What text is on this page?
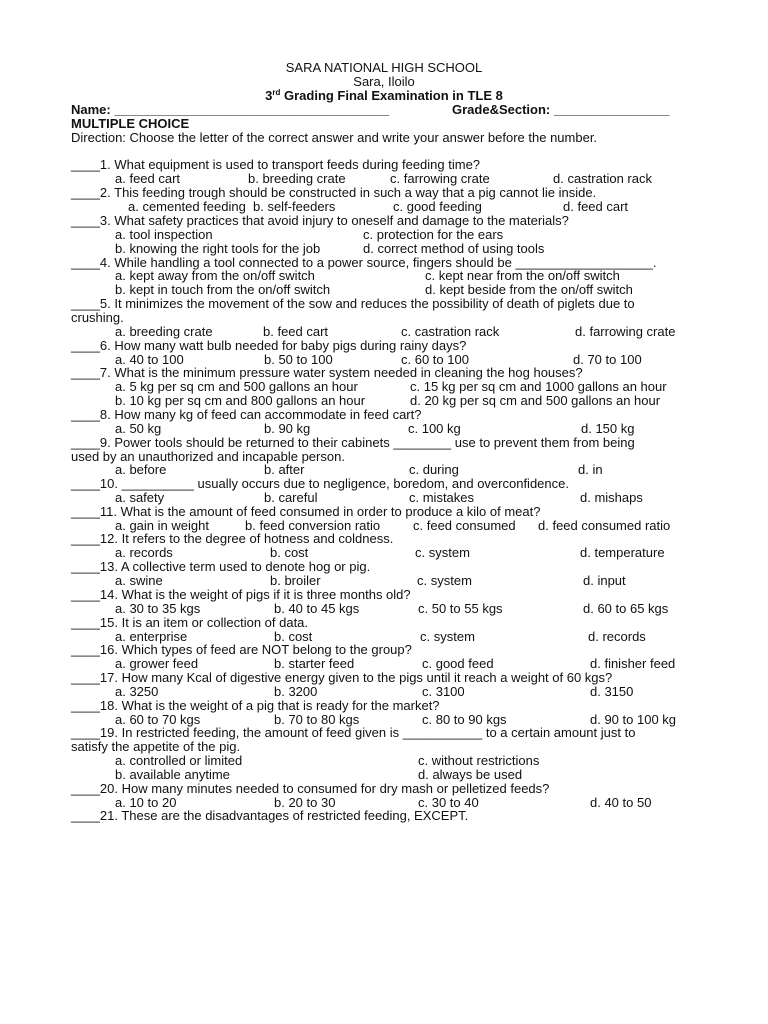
SARA NATIONAL HIGH SCHOOL
Sara, Iloilo
3rd Grading Final Examination in TLE 8
Name: ______________________________________	Grade&Section: ________________
MULTIPLE CHOICE
Direction: Choose the letter of the correct answer and write your answer before the number.
____1. What equipment is used to transport feeds during feeding time?
a. feed cart	b. breeding crate	c. farrowing crate	d. castration rack
____2. This feeding trough should be constructed in such a way that a pig cannot lie inside.
a. cemented feeding b. self-feeders	c. good feeding	d. feed cart
____3. What safety practices that avoid injury to oneself and damage to the materials?
a. tool inspection	c. protection for the ears
b. knowing the right tools for the job	d. correct method of using tools
____4. While handling a tool connected to a power source, fingers should be ___________________.
a. kept away from the on/off switch	c. kept near from the on/off switch
b. kept in touch from the on/off switch	d. kept beside from the on/off switch
____5. It minimizes the movement of the sow and reduces the possibility of death of piglets due to
crushing.
a. breeding crate	b. feed cart	c. castration rack	d. farrowing crate
____6. How many watt bulb needed for baby pigs during rainy days?
a. 40 to 100	b. 50 to 100	c. 60 to 100	d. 70 to 100
____7. What is the minimum pressure water system needed in cleaning the hog houses?
a. 5 kg per sq cm and 500 gallons an hour	c. 15 kg per sq cm and 1000 gallons an hour
b. 10 kg per sq cm and 800 gallons an hour	d. 20 kg per sq cm and 500 gallons an hour
____8. How many kg of feed can accommodate in feed cart?
a. 50 kg	b. 90 kg	c. 100 kg	d. 150 kg
____9. Power tools should be returned to their cabinets ________ use to prevent them from being
used by an unauthorized and incapable person.
a. before	b. after	c. during	d. in
____10. __________ usually occurs due to negligence, boredom, and overconfidence.
a. safety	b. careful	c. mistakes	d. mishaps
____11. What is the amount of feed consumed in order to produce a kilo of meat?
a. gain in weight	b. feed conversion ratio	c. feed consumed d. feed consumed ratio
____12. It refers to the degree of hotness and coldness.
a. records	b. cost	c. system	d. temperature
____13. A collective term used to denote hog or pig.
a. swine	b. broiler	c. system	d. input
____14. What is the weight of pigs if it is three months old?
a. 30 to 35 kgs	b. 40 to 45 kgs	c. 50 to 55 kgs	d. 60 to 65 kgs
____15. It is an item or collection of data.
a. enterprise	b. cost	c. system	d. records
____16. Which types of feed are NOT belong to the group?
a. grower feed	b. starter feed	c. good feed	d. finisher feed
____17. How many Kcal of digestive energy given to the pigs until it reach a weight of 60 kgs?
a. 3250	b. 3200	c. 3100	d. 3150
____18. What is the weight of a pig that is ready for the market?
a. 60 to 70 kgs	b. 70 to 80 kgs	c. 80 to 90 kgs	d. 90 to 100 kg
____19. In restricted feeding, the amount of feed given is ___________ to a certain amount just to
satisfy the appetite of the pig.
a. controlled or limited	c. without restrictions
b. available anytime	d. always be used
____20. How many minutes needed to consumed for dry mash or pelletized feeds?
a. 10 to 20	b. 20 to 30	c. 30 to 40	d. 40 to 50
____21. These are the disadvantages of restricted feeding, EXCEPT.
